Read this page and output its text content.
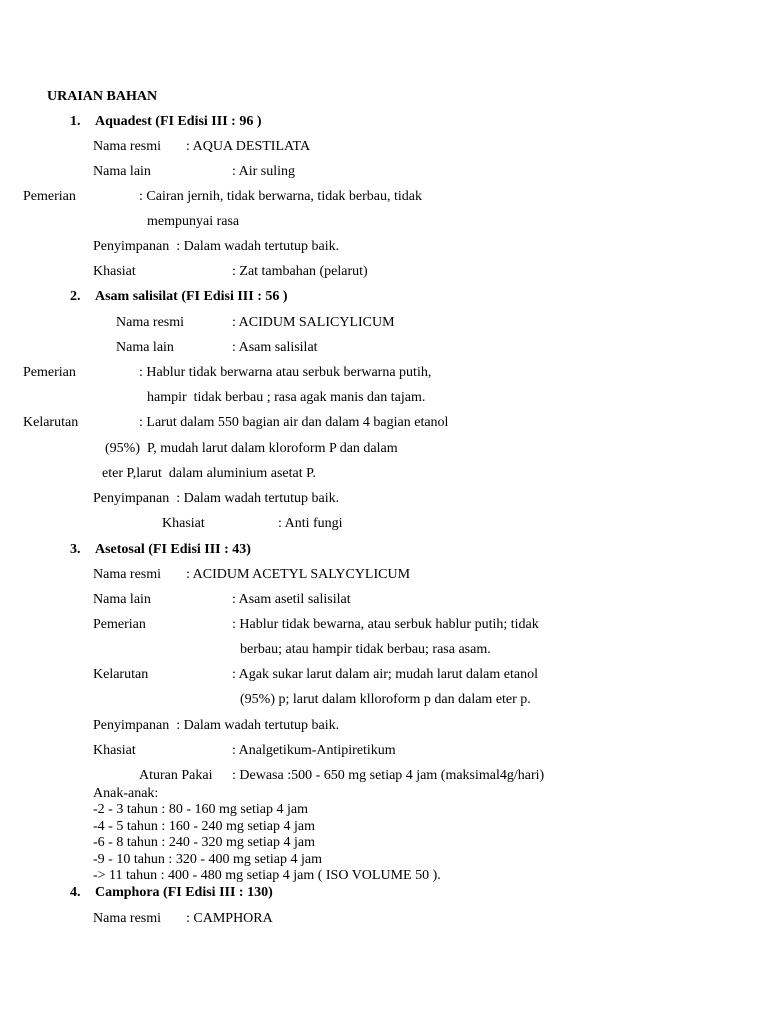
URAIAN BAHAN
1. Aquadest (FI Edisi III : 96 )
Nama resmi : AQUA DESTILATA
Nama lain	: Air suling
Pemerian	: Cairan jernih, tidak berwarna, tidak berbau, tidak
mempunyai rasa
Penyimpanan  : Dalam wadah tertutup baik.
Khasiat	: Zat tambahan (pelarut)
2. Asam salisilat (FI Edisi III : 56 )
Nama resmi	: ACIDUM SALICYLICUM
Nama lain	: Asam salisilat
Pemerian	: Hablur tidak berwarna atau serbuk berwarna putih,
hampir  tidak berbau ; rasa agak manis dan tajam.
Kelarutan	: Larut dalam 550 bagian air dan dalam 4 bagian etanol
(95%)  P, mudah larut dalam kloroform P dan dalam
eter P,larut  dalam aluminium asetat P.
Penyimpanan  : Dalam wadah tertutup baik.
Khasiat	: Anti fungi
3. Asetosal (FI Edisi III : 43)
Nama resmi : ACIDUM ACETYL SALYCYLICUM
Nama lain	: Asam asetil salisilat
Pemerian	: Hablur tidak bewarna, atau serbuk hablur putih; tidak
berbau; atau hampir tidak berbau; rasa asam.
Kelarutan	: Agak sukar larut dalam air; mudah larut dalam etanol
(95%) p; larut dalam klloroform p dan dalam eter p.
Penyimpanan  : Dalam wadah tertutup baik.
Khasiat	: Analgetikum-Antipiretikum
Aturan Pakai : Dewasa :500 - 650 mg setiap 4 jam (maksimal4g/hari)
Anak-anak:
-2 - 3 tahun : 80 - 160 mg setiap 4 jam
-4 - 5 tahun : 160 - 240 mg setiap 4 jam
-6 - 8 tahun : 240 - 320 mg setiap 4 jam
-9 - 10 tahun : 320 - 400 mg setiap 4 jam
-> 11 tahun : 400 - 480 mg setiap 4 jam ( ISO VOLUME 50 ).
4. Camphora (FI Edisi III : 130)
Nama resmi : CAMPHORA
